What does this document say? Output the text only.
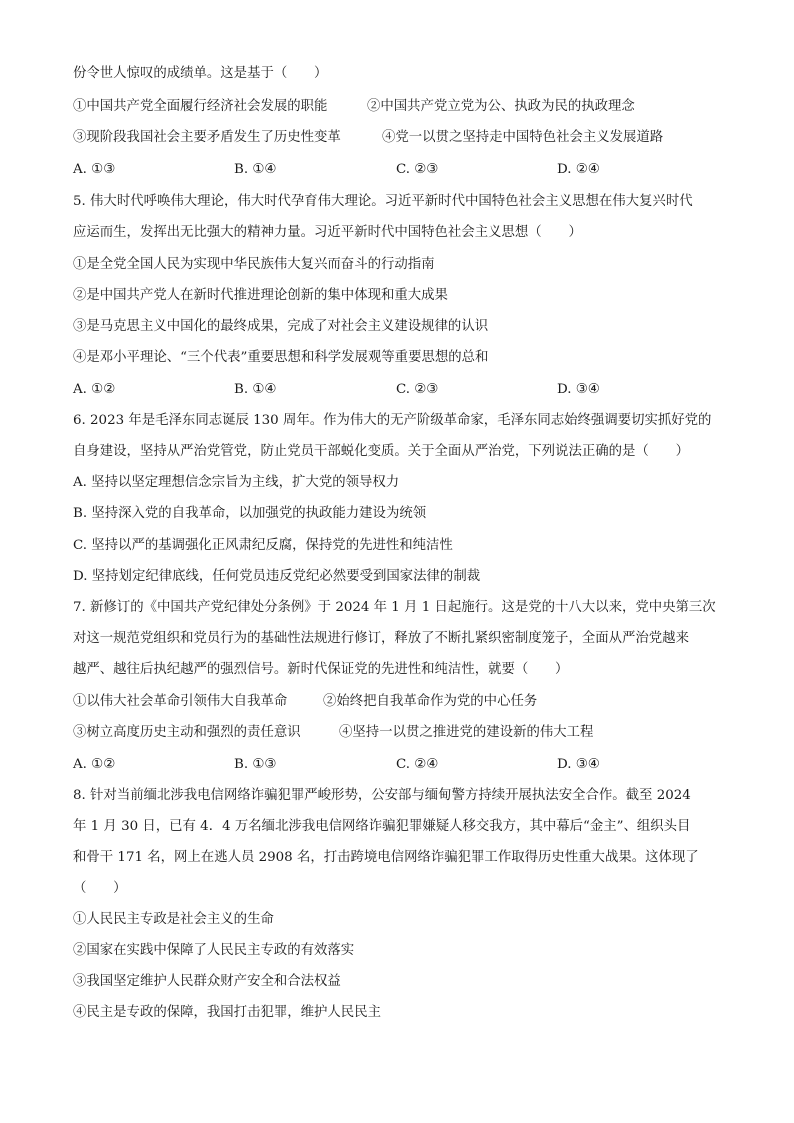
份令世人惊叹的成绩单。这是基于（　　）
①中国共产党全面履行经济社会发展的职能	②中国共产党立党为公、执政为民的执政理念
③现阶段我国社会主要矛盾发生了历史性变革	④党一以贯之坚持走中国特色社会主义发展道路
A. ①③	B. ①④	C. ②③	D. ②④
5. 伟大时代呼唤伟大理论，伟大时代孕育伟大理论。习近平新时代中国特色社会主义思想在伟大复兴时代
应运而生，发挥出无比强大的精神力量。习近平新时代中国特色社会主义思想（　　）
①是全党全国人民为实现中华民族伟大复兴而奋斗的行动指南
②是中国共产党人在新时代推进理论创新的集中体现和重大成果
③是马克思主义中国化的最终成果，完成了对社会主义建设规律的认识
④是邓小平理论、“三个代表”重要思想和科学发展观等重要思想的总和
A. ①②	B. ①④	C. ②③	D. ③④
6. 2023 年是毛泽东同志诞辰 130 周年。作为伟大的无产阶级革命家，毛泽东同志始终强调要切实抓好党的
自身建设，坚持从严治党管党，防止党员干部蜕化变质。关于全面从严治党，下列说法正确的是（　　）
A. 坚持以坚定理想信念宗旨为主线，扩大党的领导权力
B. 坚持深入党的自我革命，以加强党的执政能力建设为统领
C. 坚持以严的基调强化正风肃纪反腐，保持党的先进性和纯洁性
D. 坚持划定纪律底线，任何党员违反党纪必然要受到国家法律的制裁
7. 新修订的《中国共产党纪律处分条例》于 2024 年 1 月 1 日起施行。这是党的十八大以来，党中央第三次
对这一规范党组织和党员行为的基础性法规进行修订，释放了不断扎紧织密制度笼子，全面从严治党越来
越严、越往后执纪越严的强烈信号。新时代保证党的先进性和纯洁性，就要（　　）
①以伟大社会革命引领伟大自我革命	②始终把自我革命作为党的中心任务
③树立高度历史主动和强烈的责任意识	④坚持一以贯之推进党的建设新的伟大工程
A. ①②	B. ①③	C. ②④	D. ③④
8. 针对当前缅北涉我电信网络诈骗犯罪严峻形势，公安部与缅甸警方持续开展执法安全合作。截至 2024
年 1 月 30 日，已有 4．4 万名缅北涉我电信网络诈骗犯罪嫌疑人移交我方，其中幕后“金主”、组织头目
和骨干 171 名，网上在逃人员 2908 名，打击跨境电信网络诈骗犯罪工作取得历史性重大战果。这体现了
（　　）
①人民民主专政是社会主义的生命
②国家在实践中保障了人民民主专政的有效落实
③我国坚定维护人民群众财产安全和合法权益
④民主是专政的保障，我国打击犯罪，维护人民民主
